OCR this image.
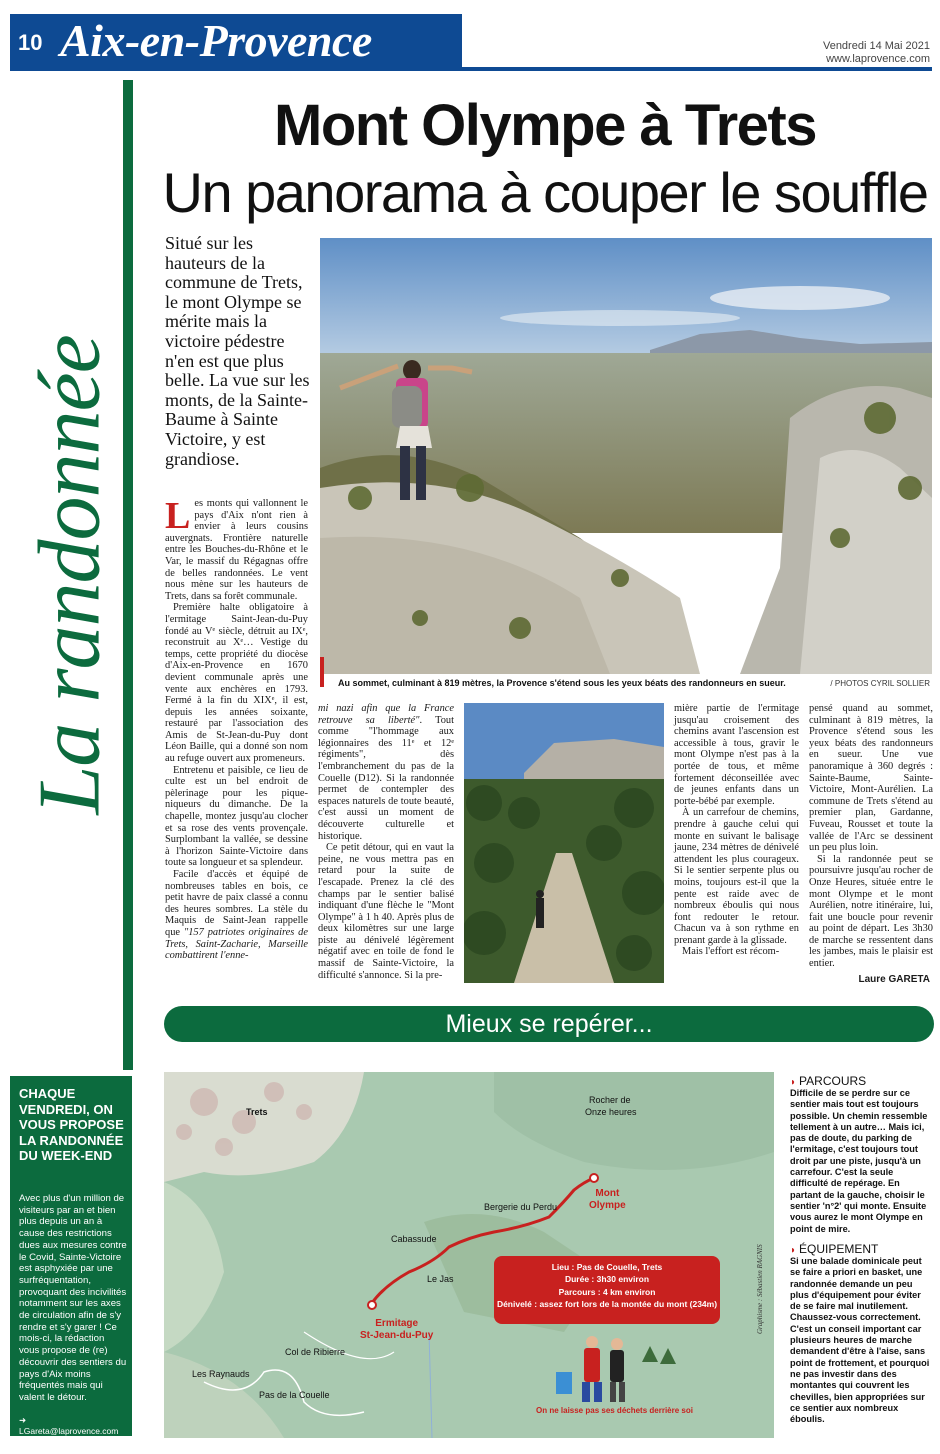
10 Aix-en-Provence	Vendredi 14 Mai 2021
www.laprovence.com
La randonnée
Mont Olympe à Trets
Un panorama à couper le souffle
Situé sur les hauteurs de la commune de Trets, le mont Olympe se mérite mais la victoire pédestre n'en est que plus belle. La vue sur les monts, de la Sainte-Baume à Sainte Victoire, y est grandiose.
Au sommet, culminant à 819 mètres, la Provence s'étend sous les yeux béats des randonneurs en sueur.	/ PHOTOS CYRIL SOLLIER

Les monts qui vallonnent le pays d'Aix n'ont rien à envier à leurs cousins auvergnats. Frontière naturelle entre les Bouches-du-Rhône et le Var, le massif du Régagnas offre de belles randonnées. Le vent nous mène sur les hauteurs de Trets, dans sa forêt communale.

Première halte obligatoire à l'ermitage Saint-Jean-du-Puy fondé au Vᵉ siècle, détruit au IXᵉ, reconstruit au Xᵉ… Vestige du temps, cette propriété du diocèse d'Aix-en-Provence en 1670 devient communale après une vente aux enchères en 1793. Fermé à la fin du XIXᵉ, il est, depuis les années soixante, restauré par l'association des Amis de St-Jean-du-Puy dont Léon Baille, qui a donné son nom au refuge ouvert aux promeneurs.

Entretenu et paisible, ce lieu de culte est un bel endroit de pèlerinage pour les pique-niqueurs du dimanche. De la chapelle, montez jusqu'au clocher et sa rose des vents provençale. Surplombant la vallée, se dessine à l'horizon Sainte-Victoire dans toute sa longueur et sa splendeur.

Facile d'accès et équipé de nombreuses tables en bois, ce petit havre de paix classé a connu des heures sombres. La stèle du Maquis de Saint-Jean rappelle que "157 patriotes originaires de Trets, Saint-Zacharie, Marseille combattirent l'enne-

mi nazi afin que la France retrouve sa liberté". Tout comme "l'hommage aux légionnaires des 11ᵉ et 12ᵉ régiments", dès l'embranchement du pas de la Couelle (D12). Si la randonnée permet de contempler des espaces naturels de toute beauté, c'est aussi un moment de découverte culturelle et historique.

Ce petit détour, qui en vaut la peine, ne vous mettra pas en retard pour la suite de l'escapade. Prenez la clé des champs par le sentier balisé indiquant d'une flèche le "Mont Olympe" à 1 h 40. Après plus de deux kilomètres sur une large piste au dénivelé légèrement négatif avec en toile de fond le massif de Sainte-Victoire, la difficulté s'annonce. Si la pre-

mière partie de l'ermitage jusqu'au croisement des chemins avant l'ascension est accessible à tous, gravir le mont Olympe n'est pas à la portée de tous, et même fortement déconseillée avec de jeunes enfants dans un porte-bébé par exemple.

À un carrefour de chemins, prendre à gauche celui qui monte en suivant le balisage jaune, 234 mètres de dénivelé attendent les plus courageux. Si le sentier serpente plus ou moins, toujours est-il que la pente est raide avec de nombreux éboulis qui nous font redouter le retour. Chacun va à son rythme en prenant garde à la glissade.

Mais l'effort est récom-

pensé quand au sommet, culminant à 819 mètres, la Provence s'étend sous les yeux béats des randonneurs en sueur. Une vue panoramique à 360 degrés : Sainte-Baume, Sainte-Victoire, Mont-Aurélien. La commune de Trets s'étend au premier plan, Gardanne, Fuveau, Rousset et toute la vallée de l'Arc se dessinent un peu plus loin.

Si la randonnée peut se poursuivre jusqu'au rocher de Onze Heures, située entre le mont Olympe et le mont Aurélien, notre itinéraire, lui, fait une boucle pour revenir au point de départ. Les 3h30 de marche se ressentent dans les jambes, mais le plaisir est entier.

Laure GARETA
Mieux se repérer...
CHAQUE VENDREDI, ON VOUS PROPOSE LA RANDONNÉE DU WEEK-END
Avec plus d'un million de visiteurs par an et bien plus depuis un an à cause des restrictions dues aux mesures contre le Covid, Sainte-Victoire est asphyxiée par une surfréquentation, provoquant des incivilités notamment sur les axes de circulation afin de s'y rendre et s'y garer ! Ce mois-ci, la rédaction vous propose de (re) découvrir des sentiers du pays d'Aix moins fréquentés mais qui valent le détour.
➜ LGareta@laprovence.com
Trets
Rocher de
Onze heures
Bergerie du Perdu
Cabassude
Le Jas
Col de Ribierre
Les Raynauds
Pas de la Couelle
Mont
Olympe
Ermitage
St-Jean-du-Puy
Lieu : Pas de Couelle, Trets
Durée : 3h30 environ
Parcours : 4 km environ
Dénivelé : assez fort lors de la montée du mont (234m)
On ne laisse pas ses déchets derrière soi
Graphisme : Sébastien RAGNIS
◗ PARCOURS
Difficile de se perdre sur ce sentier mais tout est toujours possible. Un chemin ressemble tellement à un autre… Mais ici, pas de doute, du parking de l'ermitage, c'est toujours tout droit par une piste, jusqu'à un carrefour. C'est la seule difficulté de repérage. En partant de la gauche, choisir le sentier 'n°2' qui monte. Ensuite vous aurez le mont Olympe en point de mire.
◗ ÉQUIPEMENT
Si une balade dominicale peut se faire a priori en basket, une randonnée demande un peu plus d'équipement pour éviter de se faire mal inutilement. Chaussez-vous correctement. C'est un conseil important car plusieurs heures de marche demandent d'être à l'aise, sans point de frottement, et pourquoi ne pas investir dans des montantes qui couvrent les chevilles, bien appropriées sur ce sentier aux nombreux éboulis.
